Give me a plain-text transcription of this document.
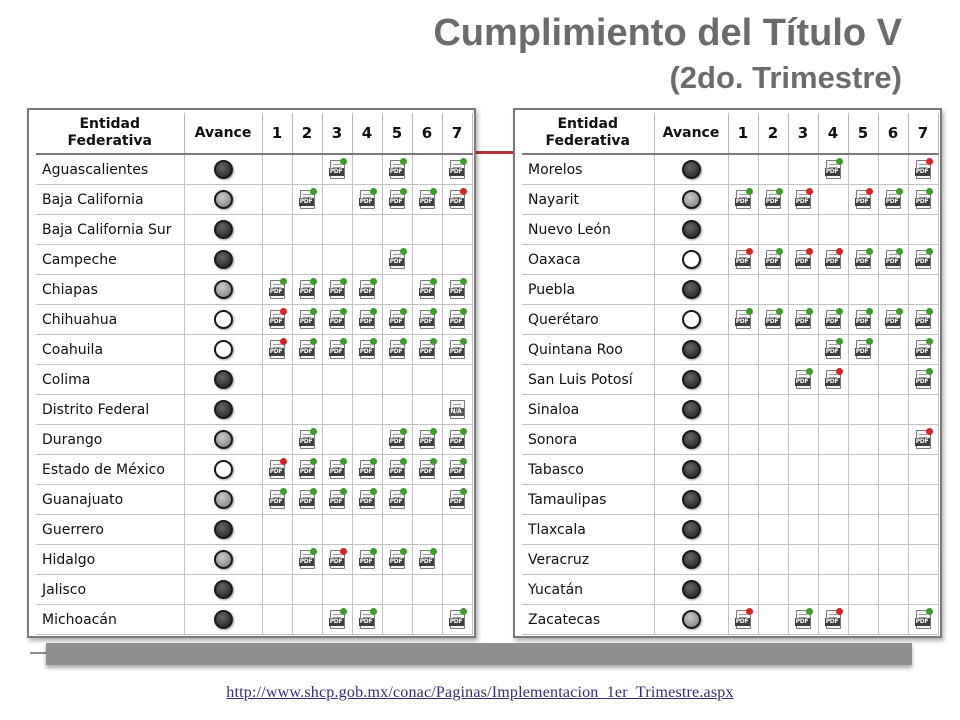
Cumplimiento del Título V
(2do. Trimestre)
Entidad
Federativa	Avance	1	2	3	4	5	6	7
Aguascalientes				PDF		PDF		PDF

Baja California			PDF		PDF	PDF	PDF	PDF

Baja California Sur								
Campeche						PDF		

Chiapas		PDF	PDF	PDF	PDF		PDF	PDF

Chihuahua		PDF	PDF	PDF	PDF	PDF	PDF	PDF

Coahuila		PDF	PDF	PDF	PDF	PDF	PDF	PDF

Colima								
Distrito Federal								N/A

Durango			PDF			PDF	PDF	PDF

Estado de México		PDF	PDF	PDF	PDF	PDF	PDF	PDF

Guanajuato		PDF	PDF	PDF	PDF	PDF		PDF

Guerrero								
Hidalgo			PDF	PDF	PDF	PDF	PDF	

Jalisco								
Michoacán				PDF	PDF			PDF
Entidad
Federativa	Avance	1	2	3	4	5	6	7
Morelos					PDF			PDF

Nayarit		PDF	PDF	PDF		PDF	PDF	PDF

Nuevo León								
Oaxaca		PDF	PDF	PDF	PDF	PDF	PDF	PDF

Puebla								
Querétaro		PDF	PDF	PDF	PDF	PDF	PDF	PDF

Quintana Roo					PDF	PDF		PDF

San Luis Potosí				PDF	PDF			PDF

Sinaloa								
Sonora								PDF

Tabasco								
Tamaulipas								
Tlaxcala								
Veracruz								
Yucatán								
Zacatecas		PDF		PDF	PDF			PDF
http://www.shcp.gob.mx/conac/Paginas/Implementacion_1er_Trimestre.aspx
